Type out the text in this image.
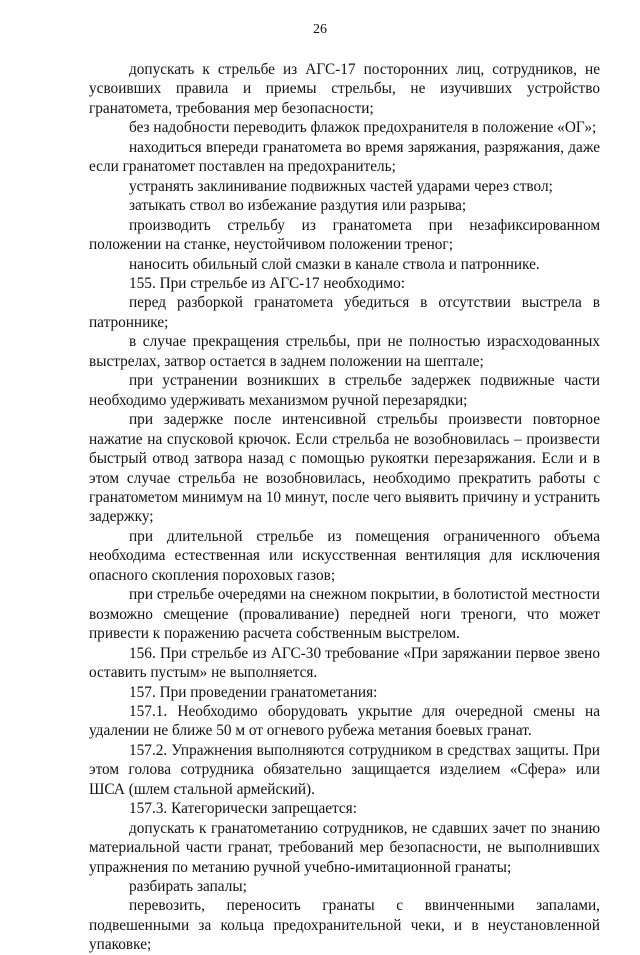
26

допускать к стрельбе из АГС-17 посторонних лиц, сотрудников, не усвоивших правила и приемы стрельбы, не изучивших устройство гранатомета, требования мер безопасности;

без надобности переводить флажок предохранителя в положение «ОГ»;

находиться впереди гранатомета во время заряжания, разряжания, даже если гранатомет поставлен на предохранитель;

устранять заклинивание подвижных частей ударами через ствол;

затыкать ствол во избежание раздутия или разрыва;

производить стрельбу из гранатомета при незафиксированном положении на станке, неустойчивом положении треног;

наносить обильный слой смазки в канале ствола и патроннике.

155. При стрельбе из АГС-17 необходимо:

перед разборкой гранатомета убедиться в отсутствии выстрела в патроннике;

в случае прекращения стрельбы, при не полностью израсходованных выстрелах, затвор остается в заднем положении на шептале;

при устранении возникших в стрельбе задержек подвижные части необходимо удерживать механизмом ручной перезарядки;

при задержке после интенсивной стрельбы произвести повторное нажатие на спусковой крючок. Если стрельба не возобновилась – произвести быстрый отвод затвора назад с помощью рукоятки перезаряжания. Если и в этом случае стрельба не возобновилась, необходимо прекратить работы с гранатометом минимум на 10 минут, после чего выявить причину и устранить задержку;

при длительной стрельбе из помещения ограниченного объема необходима естественная или искусственная вентиляция для исключения опасного скопления пороховых газов;

при стрельбе очередями на снежном покрытии, в болотистой местности возможно смещение (проваливание) передней ноги треноги, что может привести к поражению расчета собственным выстрелом.

156. При стрельбе из АГС-30 требование «При заряжании первое звено оставить пустым» не выполняется.

157. При проведении гранатометания:

157.1. Необходимо оборудовать укрытие для очередной смены на удалении не ближе 50 м от огневого рубежа метания боевых гранат.

157.2. Упражнения выполняются сотрудником в средствах защиты. При этом голова сотрудника обязательно защищается изделием «Сфера» или ШСА (шлем стальной армейский).

157.3. Категорически запрещается:

допускать к гранатометанию сотрудников, не сдавших зачет по знанию материальной части гранат, требований мер безопасности, не выполнивших упражнения по метанию ручной учебно-имитационной гранаты;

разбирать запалы;

перевозить, переносить гранаты с ввинченными запалами, подвешенными за кольца предохранительной чеки, и в неустановленной упаковке;
